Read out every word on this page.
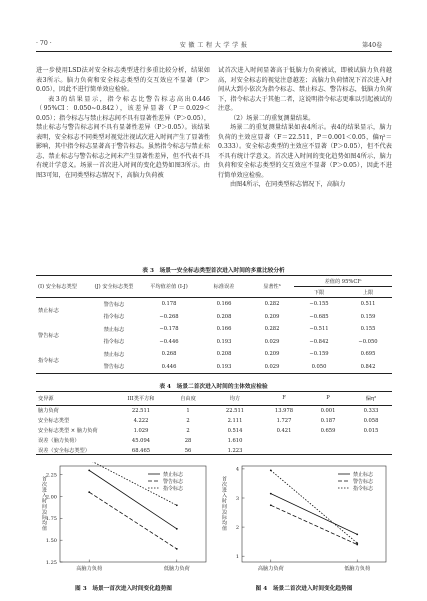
· 70 ·	安 徽 工 程 大 学 学 报	第40卷

进一步使用LSD法对安全标志类型进行多重比较分析，结果如表3所示。脑力负荷和安全标志类型的交互效应不显著（P＞0.05），因此不进行简单效应检验。

表3的结果显示，指令标志比警告标志高出0.446（95%CI：0.050~0.842），该差异显著（P＝0.029＜0.05）；指令标志与禁止标志间不具有显著性差异（P＞0.05），禁止标志与警告标志间不具有显著性差异（P＞0.05）。该结果表明，安全标志不同类型对视觉注视试次进入时间产生了显著性影响，其中指令标志显著高于警告标志。虽然指令标志与禁止标志、禁止标志与警告标志之间未产生显著性差异，但不代表不具有统计学意义。场景一首次进入时间的变化趋势如图3所示。由图3可知，在同类型标志情况下，高脑力负荷被

试首次进入时间显著高于低脑力负荷被试，即被试脑力负荷越高，对安全标志的视觉注意越差；高脑力负荷情况下首次进入时间从大到小依次为指令标志、禁止标志、警告标志，低脑力负荷下，指令标志大于其他二者，这说明指令标志更难以引起被试的注意。

（2）场景二的重复测量结果。

场景二的重复测量结果如表4所示。表4的结果显示，脑力负荷的主效应显著（F＝22.511，P＝0.001＜0.05，偏η²＝0.333）。安全标志类型的主效应不显著（P＞0.05），但不代表不具有统计学意义。首次进入时间的变化趋势如图4所示，脑力负荷和安全标志类型的交互效应不显著（P＞0.05），因此不进行简单效应检验。

由图4所示，在同类型标志情况下，高脑力

表 3　场景一安全标志类型首次进入时间的多重比较分析
(I) 安全标志类型	(J) 安全标志类型	平均值差值 (I-J)	标准误差	显著性ᵇ	差值的 95%CIᵇ	
					下限	上限
禁止标志	警告标志	0.178	0.166	0.282	−0.155	0.511
	指令标志	−0.268	0.208	0.209	−0.685	0.159
警告标志	禁止标志	−0.178	0.166	0.282	−0.511	0.155
	指令标志	−0.446	0.193	0.029	−0.842	−0.050
指令标志	禁止标志	0.268	0.208	0.209	−0.159	0.695
	警告标志	0.446	0.193	0.029	0.050	0.842
表 4　场景二首次进入时间的主体效应检验
变异源	III类平方和	自由度	均方	F	P	偏η²
脑力负荷	22.511	1	22.511	13.978	0.001	0.333
安全标志类型	4.222	2	2.111	1.727	0.187	0.058
安全标志类型 × 脑力负荷	1.029	2	0.514	0.421	0.659	0.015
误差（脑力负荷）	45.094	28	1.610			
误差（安全标志类型）	68.465	56	1.223			
2.25
2.00
1.75
1.50
1.25
首次进入时间边际均值
高脑力负荷	低脑力负荷
禁止标志
警告标志
指令标志
图 3　场景一首次进入时间变化趋势图
4
3
2
1
首次进入时间边际均值
高脑力负荷	低脑力负荷
禁止标志
警告标志
指令标志
图 4　场景二首次进入时间变化趋势图
